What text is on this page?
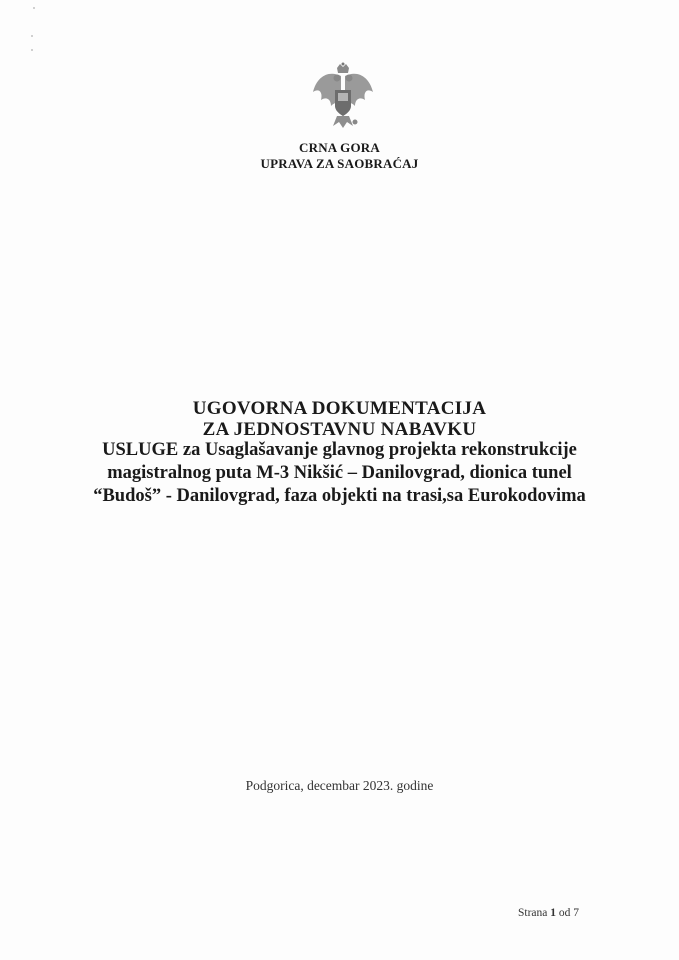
CRNA GORA
UPRAVA ZA SAOBRAĆAJ
UGOVORNA DOKUMENTACIJA
ZA JEDNOSTAVNU NABAVKU
USLUGE za Usaglašavanje glavnog projekta rekonstrukcije
magistralnog puta M-3 Nikšić – Danilovgrad, dionica tunel
“Budoš” - Danilovgrad, faza objekti na trasi,sa Eurokodovima
Podgorica, decembar 2023. godine
Strana 1 od 7
